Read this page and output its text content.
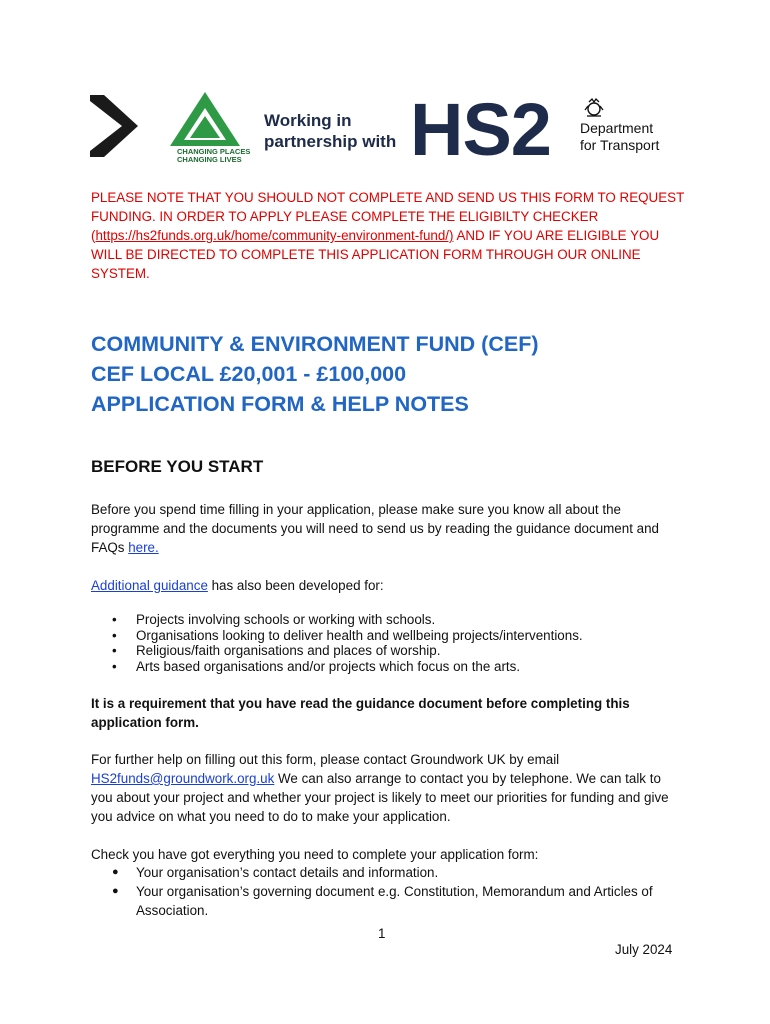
CHANGING PLACES
CHANGING LIVES
Working in
partnership with HS2 Department
for Transport
PLEASE NOTE THAT YOU SHOULD NOT COMPLETE AND SEND US THIS FORM TO REQUEST FUNDING. IN ORDER TO APPLY PLEASE COMPLETE THE ELIGIBILTY CHECKER (https://hs2funds.org.uk/home/community-environment-fund/) AND IF YOU ARE ELIGIBLE YOU WILL BE DIRECTED TO COMPLETE THIS APPLICATION FORM THROUGH OUR ONLINE SYSTEM.
COMMUNITY & ENVIRONMENT FUND (CEF)
CEF LOCAL £20,001 - £100,000
APPLICATION FORM & HELP NOTES
BEFORE YOU START
Before you spend time filling in your application, please make sure you know all about the programme and the documents you will need to send us by reading the guidance document and FAQs here.
Additional guidance has also been developed for:
• Projects involving schools or working with schools.
• Organisations looking to deliver health and wellbeing projects/interventions.
• Religious/faith organisations and places of worship.
• Arts based organisations and/or projects which focus on the arts.
It is a requirement that you have read the guidance document before completing this application form.
For further help on filling out this form, please contact Groundwork UK by email HS2funds@groundwork.org.uk We can also arrange to contact you by telephone. We can talk to you about your project and whether your project is likely to meet our priorities for funding and give you advice on what you need to do to make your application.
Check you have got everything you need to complete your application form:
● Your organisation’s contact details and information.
● Your organisation’s governing document e.g. Constitution, Memorandum and Articles of Association.
1
July 2024
